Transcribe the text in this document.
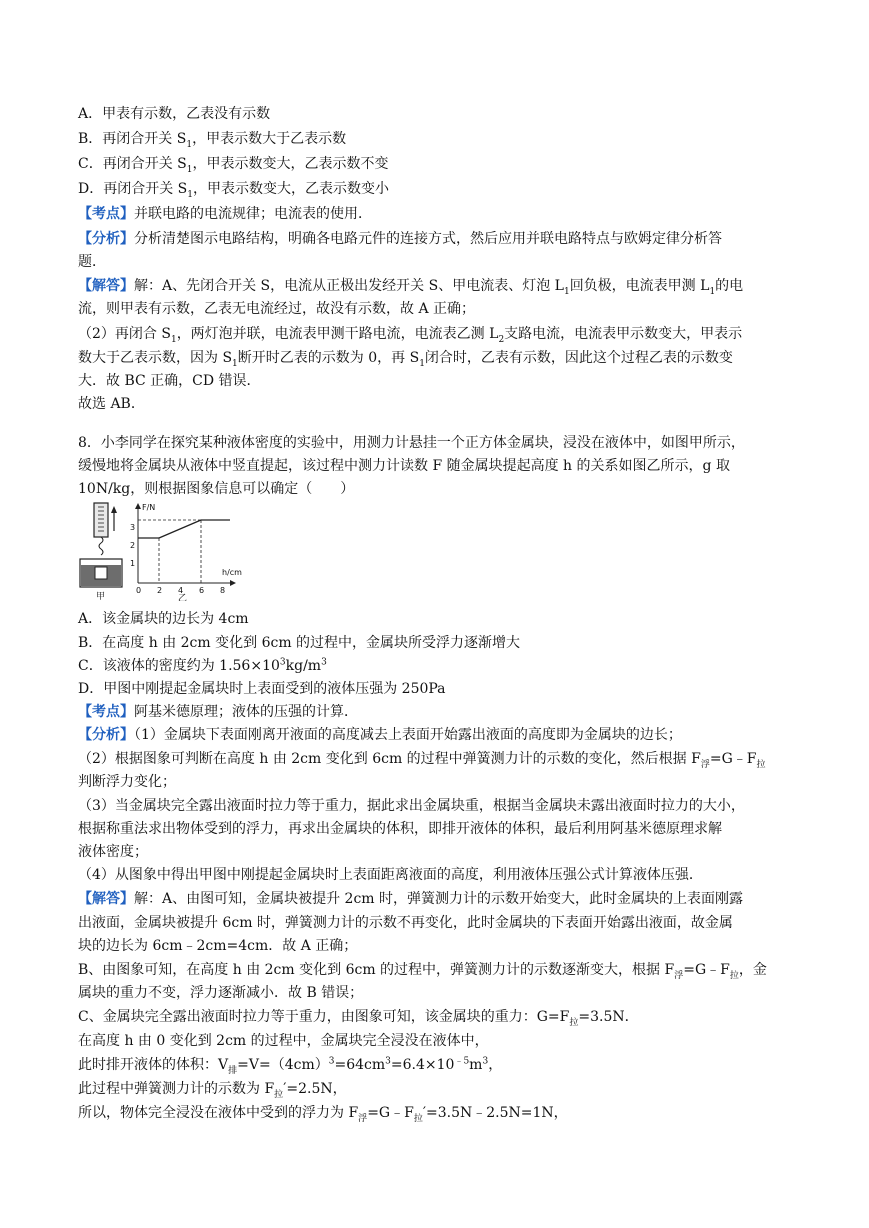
A．甲表有示数，乙表没有示数
B．再闭合开关 $S_1$，甲表示数大于乙表示数
C．再闭合开关 $S_1$，甲表示数变大，乙表示数不变
D．再闭合开关 $S_1$，甲表示数变大，乙表示数变小
【考点】并联电路的电流规律；电流表的使用．
【分析】分析清楚图示电路结构，明确各电路元件的连接方式，然后应用并联电路特点与欧姆定律分析答
题．
【解答】解：A、先闭合开关 S，电流从正极出发经开关 S、甲电流表、灯泡 $L_1$回负极，电流表甲测 $L_1$的电
流，则甲表有示数，乙表无电流经过，故没有示数，故 A 正确；
（2）再闭合 $S_1$，两灯泡并联，电流表甲测干路电流，电流表乙测 $L_2$支路电流，电流表甲示数变大，甲表示
数大于乙表示数，因为 $S_1$断开时乙表的示数为 0，再 $S_1$闭合时，乙表有示数，因此这个过程乙表的示数变
大．故 BC 正确，CD 错误．
故选 AB．
8．小李同学在探究某种液体密度的实验中，用测力计悬挂一个正方体金属块，浸没在液体中，如图甲所示，
缓慢地将金属块从液体中竖直提起，该过程中测力计读数 F 随金属块提起高度 h 的关系如图乙所示，g 取
10N/kg，则根据图象信息可以确定（　　）
甲
F/N
h/cm
1
2
3
0 2 4 6 8
乙
A．该金属块的边长为 4cm
B．在高度 h 由 2cm 变化到 6cm 的过程中，金属块所受浮力逐渐增大
C．该液体的密度约为 $1.56\times 10^3kg/m^3$
D．甲图中刚提起金属块时上表面受到的液体压强为 250Pa
【考点】阿基米德原理；液体的压强的计算．
【分析】（1）金属块下表面刚离开液面的高度减去上表面开始露出液面的高度即为金属块的边长；
（2）根据图象可判断在高度 h 由 2cm 变化到 6cm 的过程中弹簧测力计的示数的变化，然后根据 $F_浮=G﹣F_拉$
判断浮力变化；
（3）当金属块完全露出液面时拉力等于重力，据此求出金属块重，根据当金属块未露出液面时拉力的大小，
根据称重法求出物体受到的浮力，再求出金属块的体积，即排开液体的体积，最后利用阿基米德原理求解
液体密度；
（4）从图象中得出甲图中刚提起金属块时上表面距离液面的高度，利用液体压强公式计算液体压强．
【解答】解：A、由图可知，金属块被提升 2cm 时，弹簧测力计的示数开始变大，此时金属块的上表面刚露
出液面，金属块被提升 6cm 时，弹簧测力计的示数不再变化，此时金属块的下表面开始露出液面，故金属
块的边长为 6cm﹣2cm=4cm．故 A 正确；
B、由图象可知，在高度 h 由 2cm 变化到 6cm 的过程中，弹簧测力计的示数逐渐变大，根据 $F_浮=G﹣F_拉$，金
属块的重力不变，浮力逐渐减小．故 B 错误；
C、金属块完全露出液面时拉力等于重力，由图象可知，该金属块的重力：$G=F_拉=3.5N$．
在高度 h 由 0 变化到 2cm 的过程中，金属块完全浸没在液体中，
此时排开液体的体积：$V_排=V=(4cm)^3=64cm^3=6.4\times 10^{﹣5}m^3$，
此过程中弹簧测力计的示数为 $F_拉'=2.5N$，
所以，物体完全浸没在液体中受到的浮力为 $F_浮=G﹣F_拉'=3.5N﹣2.5N=1N$，
